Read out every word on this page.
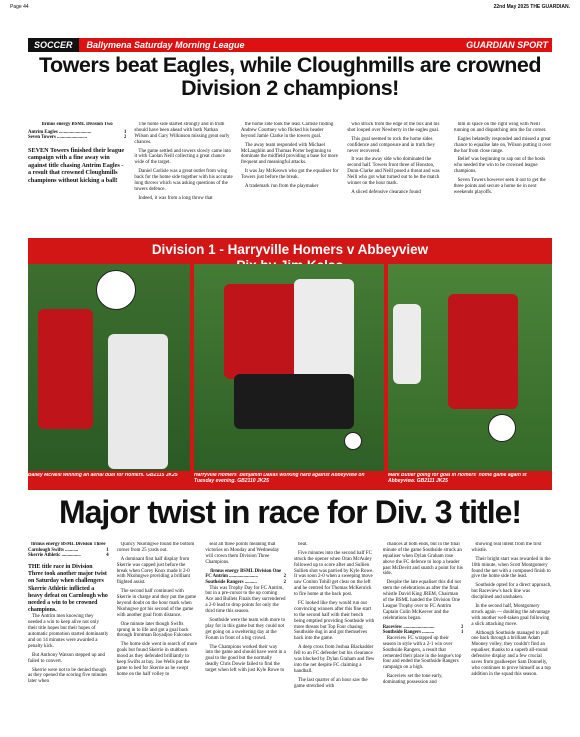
Page 44	22nd May 2025 THE GUARDIAN.
SOCCER	Ballymena Saturday Morning League	GUARDIAN SPORT
Towers beat Eagles, while Cloughmills are crowned Division 2 champions!
firmus energy BSML Division Two
Antrim Eagles ...........................	1
Seven Towers .........................	2
SEVEN Towers finished their league campaign with a fine away win against title chasing Antrim Eagles - a result that crowned Cloughmills champions without kicking a ball!

The home side started strongly and in truth should have been ahead with both Nathan Wilson and Gary Wilkinson missing great early chances.

The game settled and towers slowly came into it with Caolan Neill collecting a great chance wide of the target.

Daniel Carlisle was a great outlet from wing back for the home side together with his accurate long throws which was asking questions of the towers defence.

Indeed, it was from a long throw that

the home side took the lead. Carlisle finding Andrew Courtney who flicked his header beyond Jamie Clarke in the towers goal.

The away team responded with Michael McLaughlin and Thomas Porter beginning to dominate the midfield providing a base for more frequent and meaningful attacks.

It was Jay McKeown who got the equaliser for Towers just before the break.

A trademark run from the playmaker

who struck from the edge of the box and his shot looped over Newberry in the eagles goal.

This goal seemed to rock the home sides confidence and composure and in truth they never recovered.

It was the away side who dominated the second half. Towers front three of Honston, Dunn-Clarke and Neill posed a threat and was Neill who got what turned out to be the match winner on the hour mark.

A sliced defensive clearance found

him in space on the right wing with Neill running on and dispatching into the far corner.

Eagles belatedly responded and missed a great chance to equalise late on, Wilson putting it over the bar from close range.

Belief was beginning to sap out of the hosts who needed the win to be crowned league champions.

Seven Towers however seen it out to get the three points and secure a home tie in next weekends playoffs.

Division 1 - Harryville Homers v Abbeyview
Bailey McNeill winning an aerial duel for Homers. GB2115 JK25	Harryville Homers' Benjamin Dallas working hard against Abbeyview on Tuesday evening. GB2110 JK25
Mark Butler going for goal in Homers' home game again st Abbeyview. GB2111 JK25
Major twist in race for Div. 3 title!
firmus energy BSML Division Three
Carnlough Swifts ...........	1
Skerrie Athletic ................	4
THE title race in Division Three took another major twist on Saturday when challengers Skerrie Athletic inflicted a heavy defeat on Carnlough who needed a win to be crowned champions.

The Antrim men knowing they needed a win to keep alive not only their title hopes but their hopes of automatic promotion started dominantly and on 14 minutes were awarded a penalty kick.

But Anthony Watson stepped up and failed to convert.

Skerrie were not to be denied though as they opened the scoring five minutes later when

Quincy Nkohngwe found the bottom corner from 25 yards out.

A dominant first half display from Skerrie was capped just before the break when Corey Knox made it 2-0 with Nkohngwe providing a brilliant flighted assist.

The second half continued with Skerrie in charge and they put the game beyond doubt on the hour mark when Nkohngwe got his second of the game with another goal from distance.

One minute later though Swifts sprung in to life and got a goal back through frontman Boyadjoo Falconer.

The home side went in search of more goals but found Skerrie in stubborn mood as they defended brilliantly to keep Swifts at bay. Joe Wells put the game to bed for Skerrie as he swept home on the half volley to

seal all three points meaning that victories on Monday and Wednesday will crown them Division Three Champions.

firmus energy BSML Division One
FC Antrim ........................	2
Southside Rangers ..........	2

This was Trophy Day for FC Antrim, but in a pre-cursor to the up coming Ace and Bullets Finals they surrendered a 2-0 lead to drop points for only the third time this season.

Southside were the team with more to play for in this game but they could not get going on a sweltering day at the Forum in front of a big crowd.

The Champions worked their way into the game and should have went in a goal to the good but the normally deadly Chris Dowie failed to find the target when left with just Kyle Rowe to

beat.

Five minutes into the second half FC struck the opener when Oran McAuley followed up to score after and Sullien Sullien shot was parried by Kyle Rowe. It was soon 2-0 when a sweeping move saw Conlon Tohill get clear on the left and he centred for Thomas McKenrick to fire home at the back post.

FC looked like they would run out convincing winners after this fine start to the second half with their bench being emptied providing Southside with more threats but Top Four chasing Southside dug in and got themselves back into the game.

A deep cross from Joshua Blackadder fell to an FC defender but his clearance was blocked by Dylan Graham and flew into the net despite FC claiming a handball.

The last quarter of an hour saw the game stretched with

chances at both ends, but in the final minute of the game Southside struck an equaliser when Dylan Graham rose above the FC defence to loop a header past McDevitt and snatch a point for his side.

Despite the late equaliser this did not stem the celebrations as after the final whistle David King JREM, Chairman of the BSML handed the Division One League Trophy over to FC Antrim Captain Colin McKeever and the celebrations began.

Raceview ..........................	2
Southside Rangers ..........	1

Raceview FC wrapped up their season in style with a 2-1 win over Southside Rangers, a result that cemented their place in the league's top four and ended the Southside Rangers campaign on a high.

Raceview set the tone early, dominating possession and

showing real intent from the first whistle.

Their bright start was rewarded in the 10th minute, when Scott Montgomery found the net with a composed finish to give the home side the lead.

Southside opted for a direct approach, but Raceview's back line was disciplined and unshaken.

In the second half, Montgomery struck again — doubling the advantage with another well-taken goal following a slick attacking move.

Although Southside managed to pull one back through a brilliant Adam Mooney volley, they couldn't find an equaliser, thanks to a superb all-round defensive display and a few crucial saves from goalkeeper Sam Donnelly, who continues to prove himself as a top addition in the squad this season.
